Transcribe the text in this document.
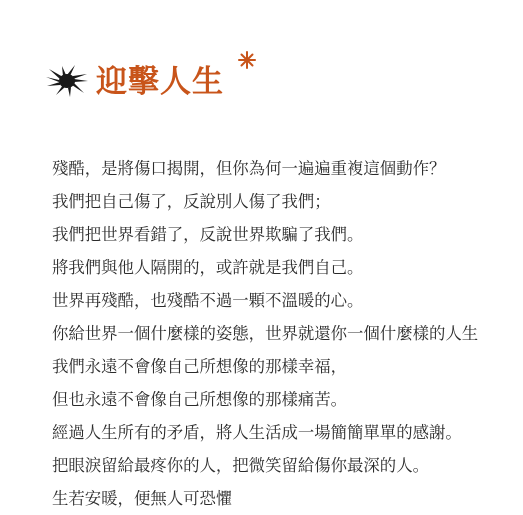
迎擊人生
殘酷，是將傷口揭開，但你為何一遍遍重複這個動作？
我們把自己傷了，反說別人傷了我們；
我們把世界看錯了，反說世界欺騙了我們。
將我們與他人隔開的，或許就是我們自己。
世界再殘酷，也殘酷不過一顆不溫暖的心。
你給世界一個什麼樣的姿態，世界就還你一個什麼樣的人生
我們永遠不會像自己所想像的那樣幸福，
但也永遠不會像自己所想像的那樣痛苦。
經過人生所有的矛盾，將人生活成一場簡簡單單的感謝。
把眼淚留給最疼你的人，把微笑留給傷你最深的人。
生若安暖，便無人可恐懼
